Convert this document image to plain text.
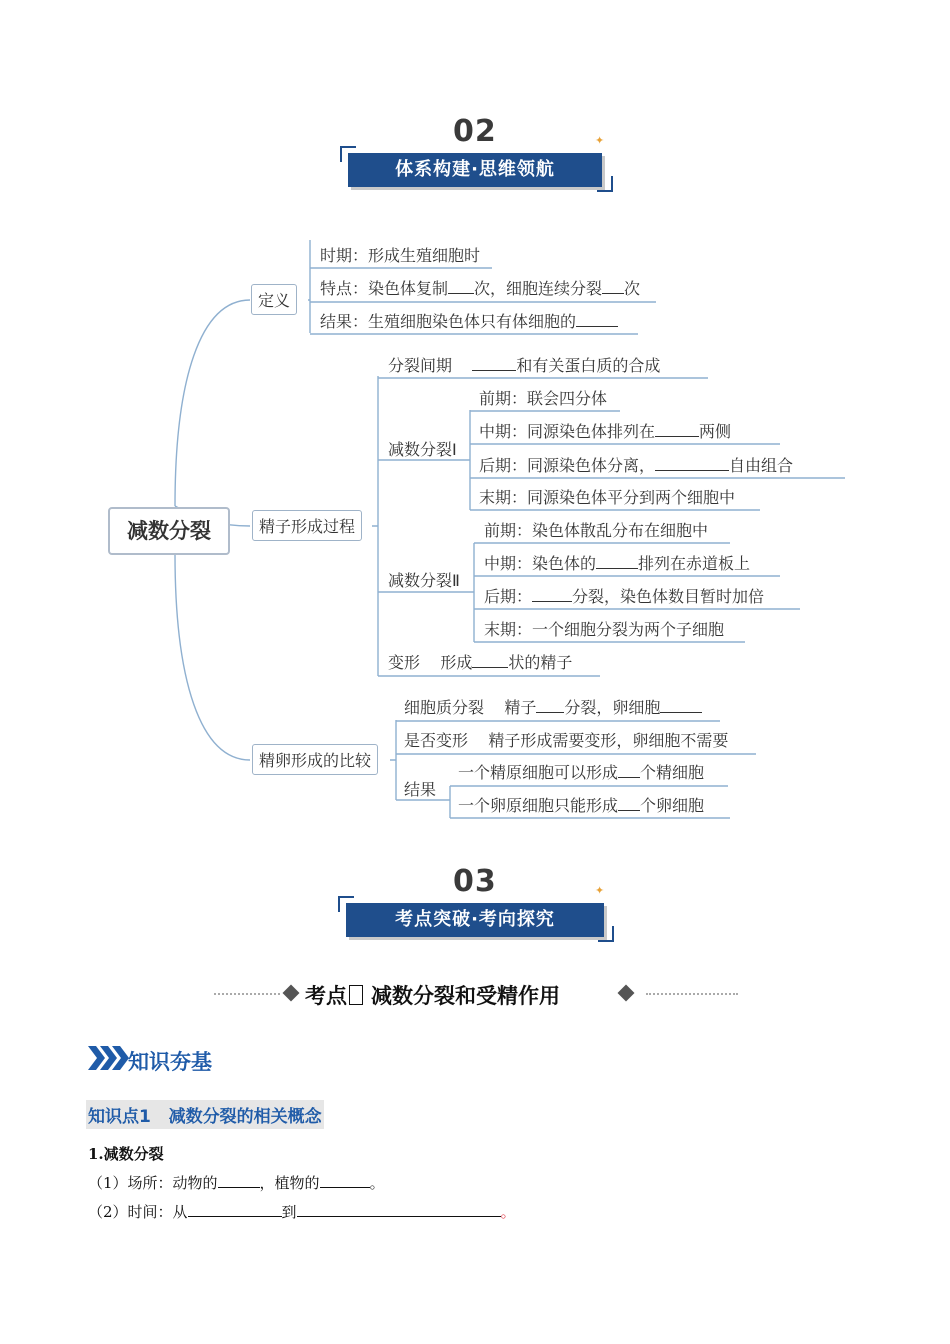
02	✦
体系构建·思维领航
减数分裂
定义
时期：形成生殖细胞时
特点：染色体复制 次，细胞连续分裂 次
结果：生殖细胞染色体只有体细胞的
精子形成过程
分裂间期	和有关蛋白质的合成
减数分裂Ⅰ
前期：联会四分体
中期：同源染色体排列在	两侧
后期：同源染色体分离，	自由组合
末期：同源染色体平分到两个细胞中
减数分裂Ⅱ
前期：染色体散乱分布在细胞中
中期：染色体的	排列在赤道板上
后期：	分裂，染色体数目暂时加倍
末期：一个细胞分裂为两个子细胞
变形 形成 状的精子
精卵形成的比较
细胞质分裂 精子 分裂，卵细胞
是否变形 精子形成需要变形，卵细胞不需要
结果
一个精原细胞可以形成 个精细胞
一个卵原细胞只能形成 个卵细胞
03	✦
考点突破·考向探究
考点 减数分裂和受精作用
知识夯基
知识点1   减数分裂的相关概念
1.减数分裂
（1）场所：动物的	，植物的	。
（2）时间：从	到	。
